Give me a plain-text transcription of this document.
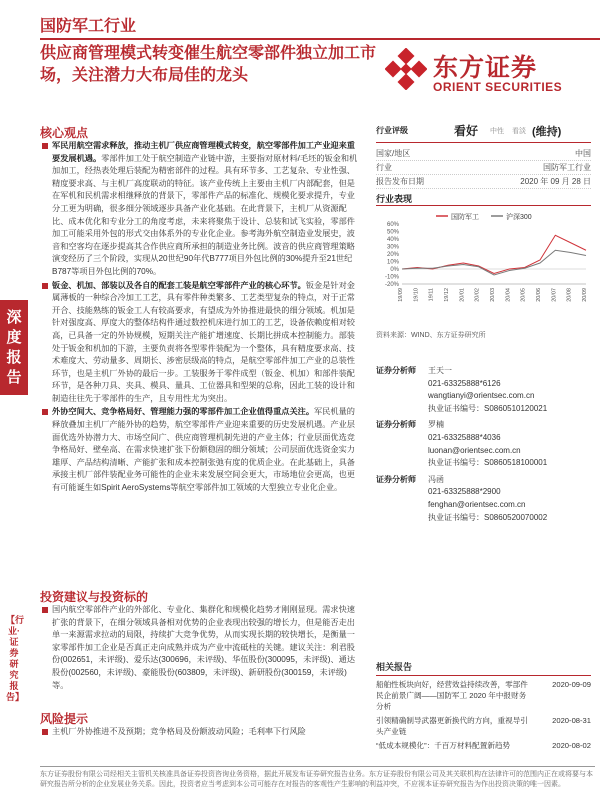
深度报告
【行业·证券研究报告】
国防军工行业
供应商管理模式转变催生航空零部件独立加工市场，关注潜力大布局佳的龙头	东方证券
ORIENT SECURITIES
核心观点
军民用航空需求释放，推动主机厂供应商管理模式转变，航空零部件加工产业迎来重要发展机遇。零部件加工处于航空制造产业链中游，主要指对原材料/毛坯的钣金和机加加工，经热表处理后装配为精密部件的过程。具有环节多、工艺复杂、专业性强、精度要求高、与主机厂高度联动的特征。该产业传统上主要由主机厂内部配套，但是在军机和民机需求相继释放的背景下，零部件产品的标准化、规模化要求提升，专业分工更为明确，很多细分领域逐步具备产业化基础。在此背景下，主机厂从资源配比、成本优化和专业分工的角度考虑，未来将聚焦于设计、总装和试飞实验，零部件加工可能采用外包的形式交由体系外的专业化企业。参考海外航空制造业发展史，波音和空客均在逐步提高其合作供应商所承担的制造业务比例。波音的供应商管理策略演变经历了三个阶段，实现从20世纪90年代B777项目外包比例的30%提升至21世纪B787等项目外包比例的70%。
钣金、机加、部装以及各自的配套工装是航空零部件产业的核心环节。钣金是针对金属薄板的一种综合冷加工工艺，具有零件种类繁多、工艺类型复杂的特点，对于正常开合、技能熟练的钣金工人有较高要求，有望成为外协推进最快的细分领域。机加是针对强度高、厚度大的整体结构件通过数控机床进行加工的工艺，设备依赖度相对较高，已具备一定的外协规模，短期关注产能扩增速度、长期比拼成本控制能力。部装处于钣金和机加的下游，主要负责将各型零件装配为一个整体，具有精度要求高、技术难度大、劳动量多、周期长、涉密层级高的特点，是航空零部件加工产业的总装性环节，也是主机厂外协的最后一步。工装服务于零件成型（钣金、机加）和部件装配环节，是各种刀具、夹具、模具、量具、工位器具和型架的总称，因此工装的设计和制造往往先于零部件的生产，且专用性尤为突出。
外协空间大、竞争格局好、管理能力强的零部件加工企业值得重点关注。军民机量的释放叠加主机厂产能外协的趋势，航空零部件产业迎来重要的历史发展机遇。产业层面优选外协潜力大、市场空间广、供应商管理机制先进的产业主体；行业层面优选竞争格局好、壁垒高、在需求快速扩张下份额稳固的细分领域；公司层面优选资金实力雄厚、产品结构清晰、产能扩张和成本控制张弛有度的优质企业。在此基础上，具备承接主机厂部件装配业务可能性的企业未来发展空间会更大，市场地位会更高，也更有可能诞生如Spirit AeroSystems等航空零部件加工领域的大型独立专业化企业。
投资建议与投资标的
国内航空零部件产业的外部化、专业化、集群化和规模化趋势才刚刚显现。需求快速扩张的背景下，在细分领域具备相对优势的企业表现出较强的增长力，但是能否走出单一来源需求拉动的局限，持续扩大竞争优势，从而实现长期的较快增长，是衡量一家零部件加工企业是否真正走向成熟并成为产业中流砥柱的关键。建议关注：利君股份(002651，未评级)、爱乐达(300696，未评级)、华伍股份(300095，未评级)、通达股份(002560，未评级)、豪能股份(603809，未评级)、新研股份(300159，未评级)等。
风险提示
主机厂外协推进不及预期；竞争格局及份额波动风险；毛利率下行风险
行业评级	看好 中性 看淡 (维持)
国家/地区	中国
行业	国防军工行业
报告发布日期	2020 年 09 月 28 日
行业表现
60%
50%
40%
30%
20%
10%
0%
-10%
-20%
19/09 19/10 19/11 19/12 20/01 20/02 20/03 20/04 20/05 20/06 20/07 20/08 20/09
国防军工	沪深300
资料来源：WIND、东方证券研究所
证券分析师	王天一
021-63325888*6126
wangtianyi@orientsec.com.cn
执业证书编号：S0860510120021
证券分析师	罗楠
021-63325888*4036
luonan@orientsec.com.cn
执业证书编号：S0860518100001
证券分析师	冯函
021-63325888*2900
fenghan@orientsec.com.cn
执业证书编号：S0860520070002
相关报告
船舶性板块向好，经营效益持续改善，零部件民企前景广阔——国防军工 2020 年中报财务分析
2020-09-09
引领精确制导武器更新换代的方向，重视导引头产业链
2020-08-31
“低成本规模化”：千百万材料配置新趋势	2020-08-02
东方证券股份有限公司经相关主管机关核准具备证券投资咨询业务资格，据此开展发布证券研究报告业务。东方证券股份有限公司及其关联机构在法律许可的范围内正在或将要与本研究报告所分析的企业发展业务关系。因此，投资者应当考虑到本公司可能存在对报告的客观性产生影响的利益冲突，不应视本证券研究报告为作出投资决策的唯一因素。
